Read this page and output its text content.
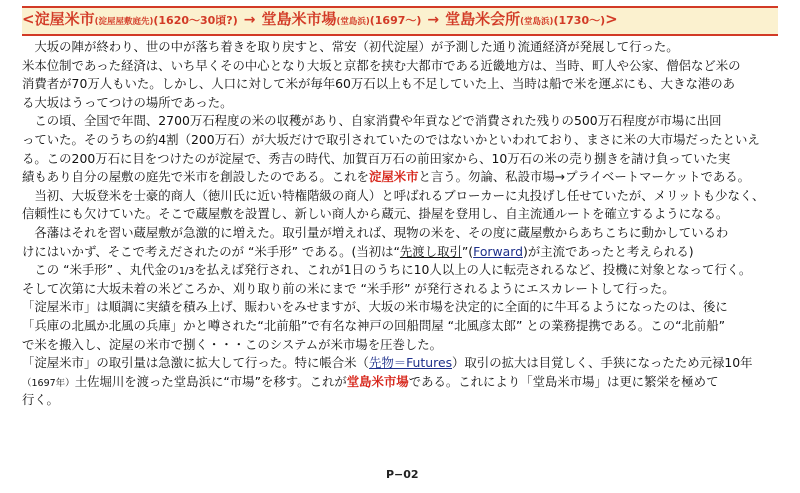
<淀屋米市(淀屋屋敷庭先)(1620〜30頃?) → 堂島米市場(堂島浜)(1697〜) → 堂島米会所(堂島浜)(1730〜)>
　大坂の陣が終わり、世の中が落ち着きを取り戻すと、常安（初代淀屋）が予測した通り流通経済が発展して行った。
米本位制であった経済は、いち早くその中心となり大坂と京都を挟む大都市である近畿地方は、当時、町人や公家、僧侶など米の
消費者が70万人もいた。しかし、人口に対して米が毎年60万石以上も不足していた上、当時は船で米を運ぶにも、大きな港のあ
る大坂はうってつけの場所であった。
　この頃、全国で年間、2700万石程度の米の収穫があり、自家消費や年貢などで消費された残りの500万石程度が市場に出回
っていた。そのうちの約4割（200万石）が大坂だけで取引されていたのではないかといわれており、まさに米の大市場だったといえ
る。この200万石に目をつけたのが淀屋で、秀吉の時代、加賀百万石の前田家から、10万石の米の売り捌きを請け負っていた実
績もあり自分の屋敷の庭先で米市を創設したのである。これを淀屋米市と言う。勿論、私設市場→プライベートマーケットである。
　当初、大坂登米を士豪的商人（徳川氏に近い特権階級の商人）と呼ばれるブローカーに丸投げし任せていたが、メリットも少なく、
信頼性にも欠けていた。そこで蔵屋敷を設置し、新しい商人から蔵元、掛屋を登用し、自主流通ルートを確立するようになる。
　各藩はそれを習い蔵屋敷が急激的に増えた。取引量が増えれば、現物の米を、その度に蔵屋敷からあちこちに動かしているわ
けにはいかず、そこで考えだされたのが “米手形” である。(当初は“先渡し取引”(Forward)が主流であったと考えられる)
　この “米手形” 、丸代金の1/3を払えば発行され、これが1日のうちに10人以上の人に転売されるなど、投機に対象となって行く。
そして次第に大坂未着の米どころか、刈り取り前の米にまで “米手形” が発行されるようにエスカレートして行った。
「淀屋米市」は順調に実績を積み上げ、賑わいをみせますが、大坂の米市場を決定的に全面的に牛耳るようになったのは、後に
「兵庫の北風か北風の兵庫」かと噂された“北前船”で有名な神戸の回船問屋 “北風彦太郎” との業務提携である。この“北前船”
で米を搬入し、淀屋の米市で捌く・・・このシステムが米市場を圧巻した。
「淀屋米市」の取引量は急激に拡大して行った。特に帳合米（先物＝Futures）取引の拡大は目覚しく、手狭になったため元禄10年
（1697年）土佐堀川を渡った堂島浜に“市場”を移す。これが堂島米市場である。これにより「堂島米市場」は更に繁栄を極めて
行く。
P−02
